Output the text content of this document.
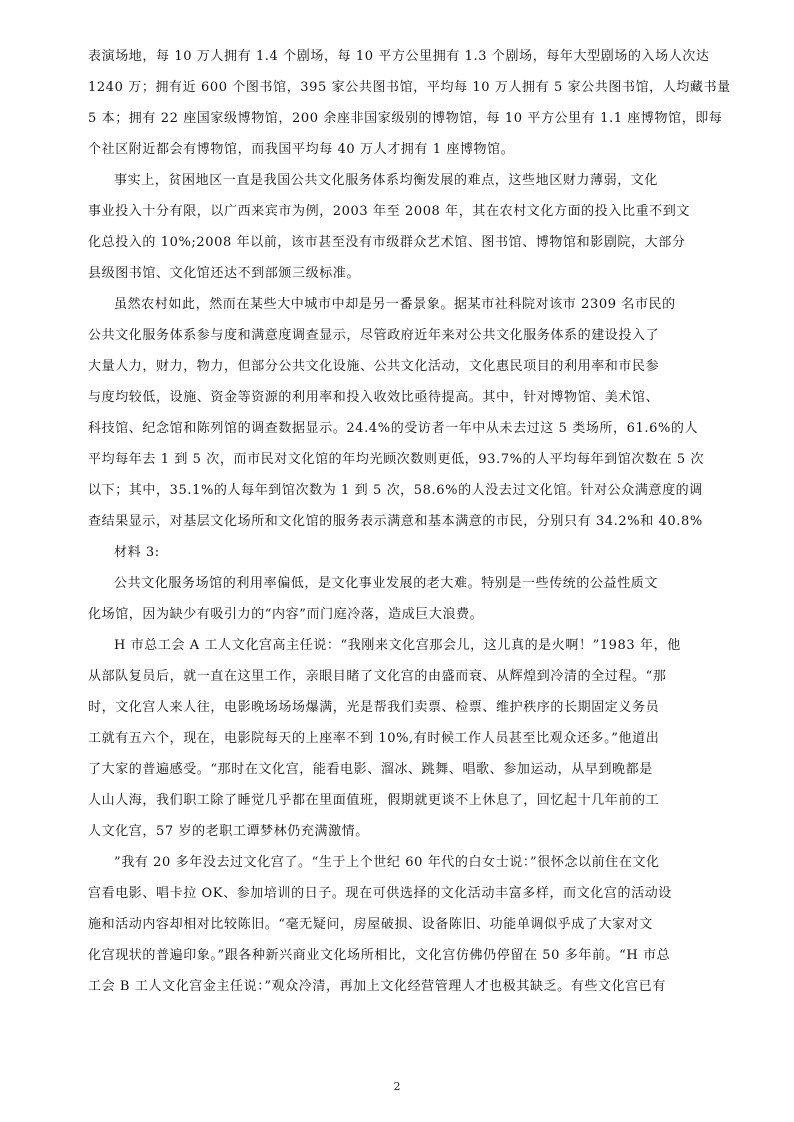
表演场地，每 10 万人拥有 1.4 个剧场，每 10 平方公里拥有 1.3 个剧场，每年大型剧场的入场人次达
1240 万；拥有近 600 个图书馆，395 家公共图书馆，平均每 10 万人拥有 5 家公共图书馆，人均藏书量
5 本；拥有 22 座国家级博物馆，200 余座非国家级别的博物馆，每 10 平方公里有 1.1 座博物馆，即每
个社区附近都会有博物馆，而我国平均每 40 万人才拥有 1 座博物馆。
事实上，贫困地区一直是我国公共文化服务体系均衡发展的难点，这些地区财力薄弱，文化
事业投入十分有限，以广西来宾市为例，2003 年至 2008 年，其在农村文化方面的投入比重不到文
化总投入的 10%;2008 年以前，该市甚至没有市级群众艺术馆、图书馆、博物馆和影剧院，大部分
县级图书馆、文化馆还达不到部颁三级标准。
虽然农村如此，然而在某些大中城市中却是另一番景象。据某市社科院对该市 2309 名市民的
公共文化服务体系参与度和满意度调查显示，尽管政府近年来对公共文化服务体系的建设投入了
大量人力，财力，物力，但部分公共文化设施、公共文化活动，文化惠民项目的利用率和市民参
与度均较低，设施、资金等资源的利用率和投入收效比亟待提高。其中，针对博物馆、美术馆、
科技馆、纪念馆和陈列馆的调查数据显示。24.4%的受访者一年中从未去过这 5 类场所，61.6%的人
平均每年去 1 到 5 次，而市民对文化馆的年均光顾次数则更低，93.7%的人平均每年到馆次数在 5 次
以下；其中，35.1%的人每年到馆次数为 1 到 5 次，58.6%的人没去过文化馆。针对公众满意度的调
查结果显示，对基层文化场所和文化馆的服务表示满意和基本满意的市民，分别只有 34.2%和 40.8%
材料 3:
公共文化服务场馆的利用率偏低，是文化事业发展的老大难。特别是一些传统的公益性质文
化场馆，因为缺少有吸引力的“内容”而门庭冷落，造成巨大浪费。
H 市总工会 A 工人文化宫高主任说：“我刚来文化宫那会儿，这儿真的是火啊！”1983 年，他
从部队复员后，就一直在这里工作，亲眼目睹了文化宫的由盛而衰、从辉煌到冷清的全过程。“那
时，文化宫人来人往，电影晚场场场爆满，光是帮我们卖票、检票、维护秩序的长期固定义务员
工就有五六个，现在，电影院每天的上座率不到 10%,有时候工作人员甚至比观众还多。”他道出
了大家的普遍感受。“那时在文化宫，能看电影、溜冰、跳舞、唱歌、参加运动，从早到晚都是
人山人海，我们职工除了睡觉几乎都在里面值班，假期就更谈不上休息了，回忆起十几年前的工
人文化宫，57 岁的老职工谭梦林仍充满激情。
”我有 20 多年没去过文化宫了。“生于上个世纪 60 年代的白女士说：”很怀念以前住在文化
宫看电影、唱卡拉 OK、参加培训的日子。现在可供选择的文化活动丰富多样，而文化宫的活动设
施和活动内容却相对比较陈旧。“毫无疑问，房屋破损、设备陈旧、功能单调似乎成了大家对文
化宫现状的普遍印象。”跟各种新兴商业文化场所相比，文化宫仿佛仍停留在 50 多年前。“H 市总
工会 B 工人文化宫金主任说：”观众冷清，再加上文化经营管理人才也极其缺乏。有些文化宫已有
2
